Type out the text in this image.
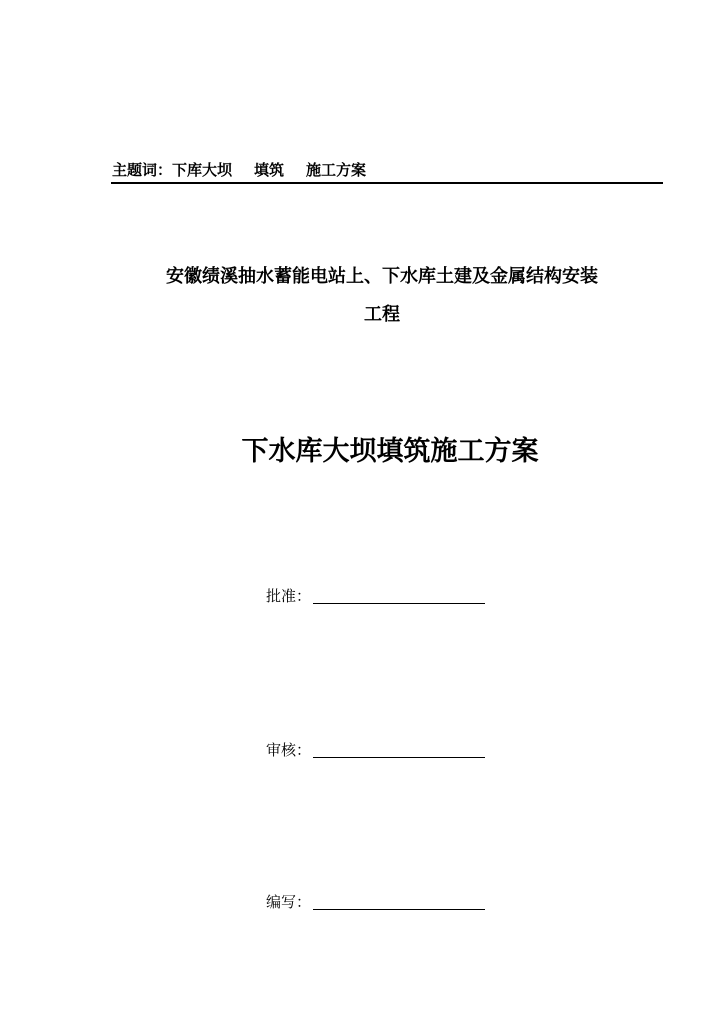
主题词：下库大坝 填筑 施工方案
安徽绩溪抽水蓄能电站上、下水库土建及金属结构安装
工程
下水库大坝填筑施工方案
批准：
审核：
编写：
